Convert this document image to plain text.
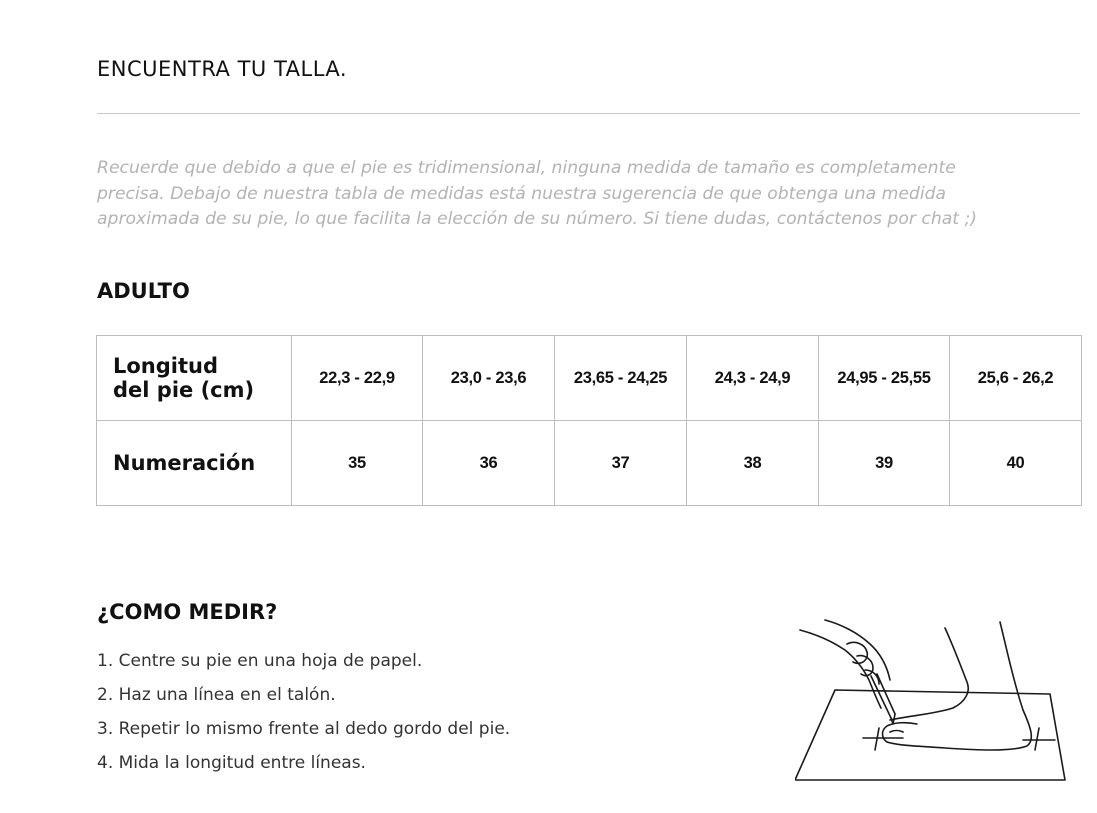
ENCUENTRA TU TALLA.
Recuerde que debido a que el pie es tridimensional, ninguna medida de tamaño es completamente
precisa. Debajo de nuestra tabla de medidas está nuestra sugerencia de que obtenga una medida
aproximada de su pie, lo que facilita la elección de su número. Si tiene dudas, contáctenos por chat ;)
ADULTO
Longitud
del pie (cm)	22,3 - 22,9	23,0 - 23,6	23,65 - 24,25	24,3 - 24,9	24,95 - 25,55	25,6 - 26,2
Numeración	35	36	37	38	39	40
¿COMO MEDIR?
1. Centre su pie en una hoja de papel.
2. Haz una línea en el talón.
3. Repetir lo mismo frente al dedo gordo del pie.
4. Mida la longitud entre líneas.
